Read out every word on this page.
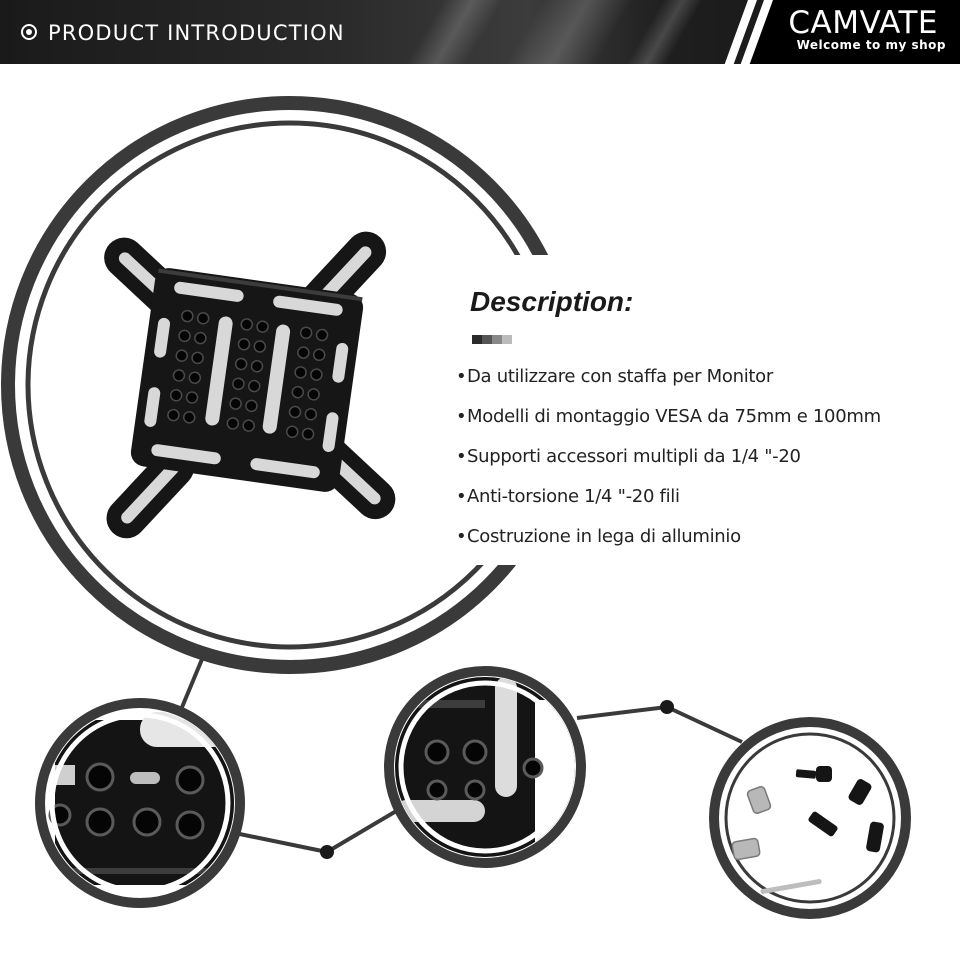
PRODUCT INTRODUCTION	CAMVATE
Welcome to my shop
Description:
•Da utilizzare con staffa per Monitor
•Modelli di montaggio VESA da 75mm e 100mm
•Supporti accessori multipli da 1/4 "-20
•Anti-torsione 1/4 "-20 fili
•Costruzione in lega di alluminio
